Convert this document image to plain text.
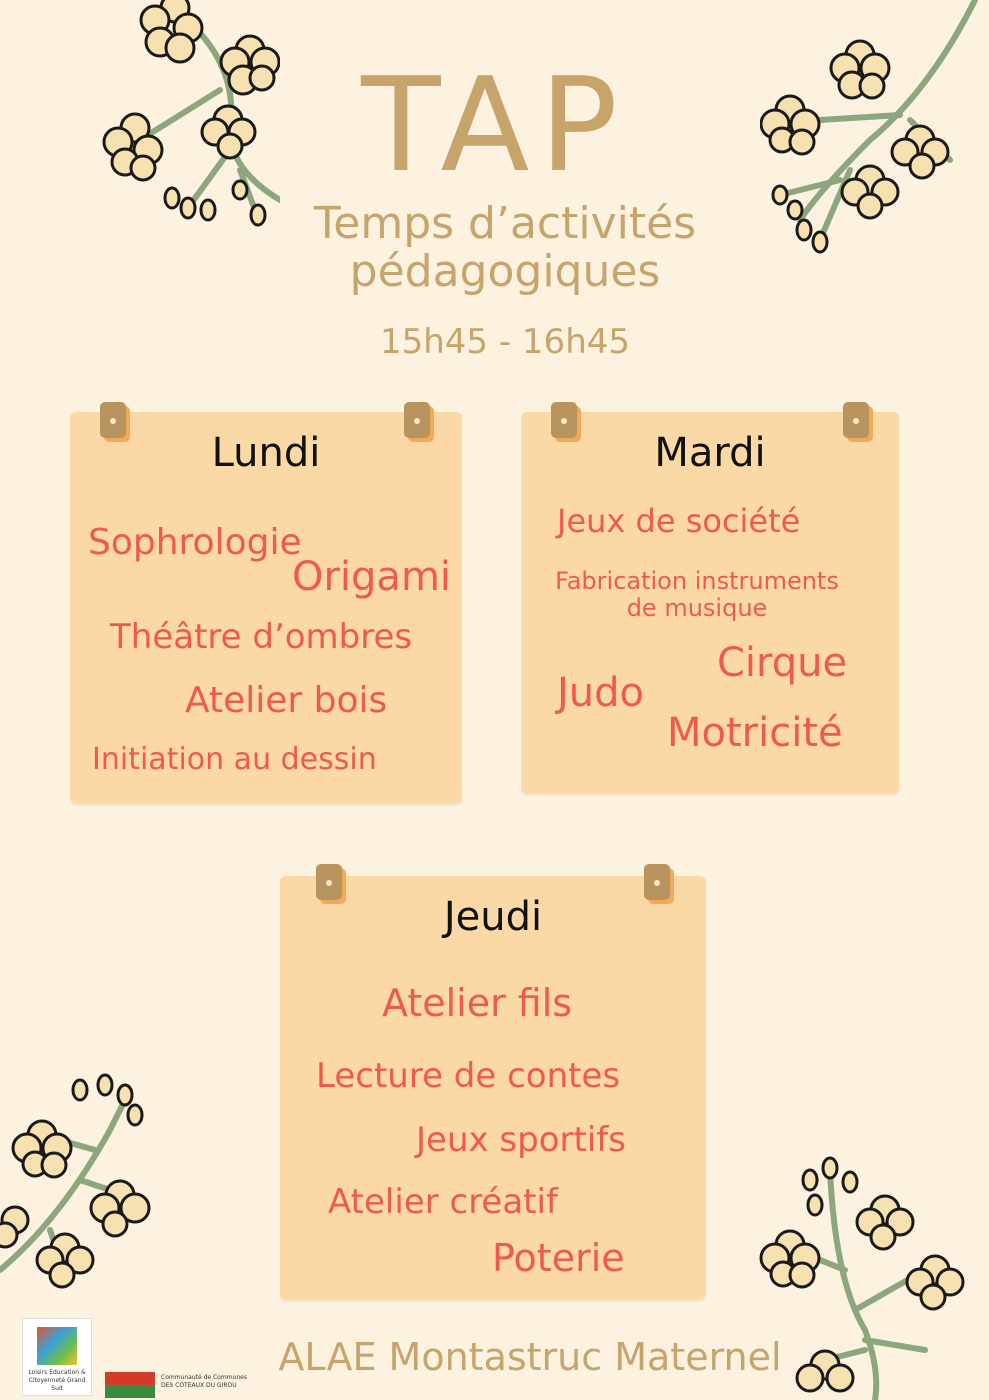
TAP
Temps d’activités
pédagogiques
15h45 - 16h45
Lundi
Sophrologie
Origami
Théâtre d’ombres
Atelier bois
Initiation au dessin
Mardi
Jeux de société
Fabrication instruments
de musique
Cirque
Judo
Motricité
Jeudi
Atelier fils
Lecture de contes
Jeux sportifs
Atelier créatif
Poterie
ALAE Montastruc Maternel
Loisirs Education & Citoyenneté Grand Sud
Communauté de Communes DES COTEAUX DU GIROU
